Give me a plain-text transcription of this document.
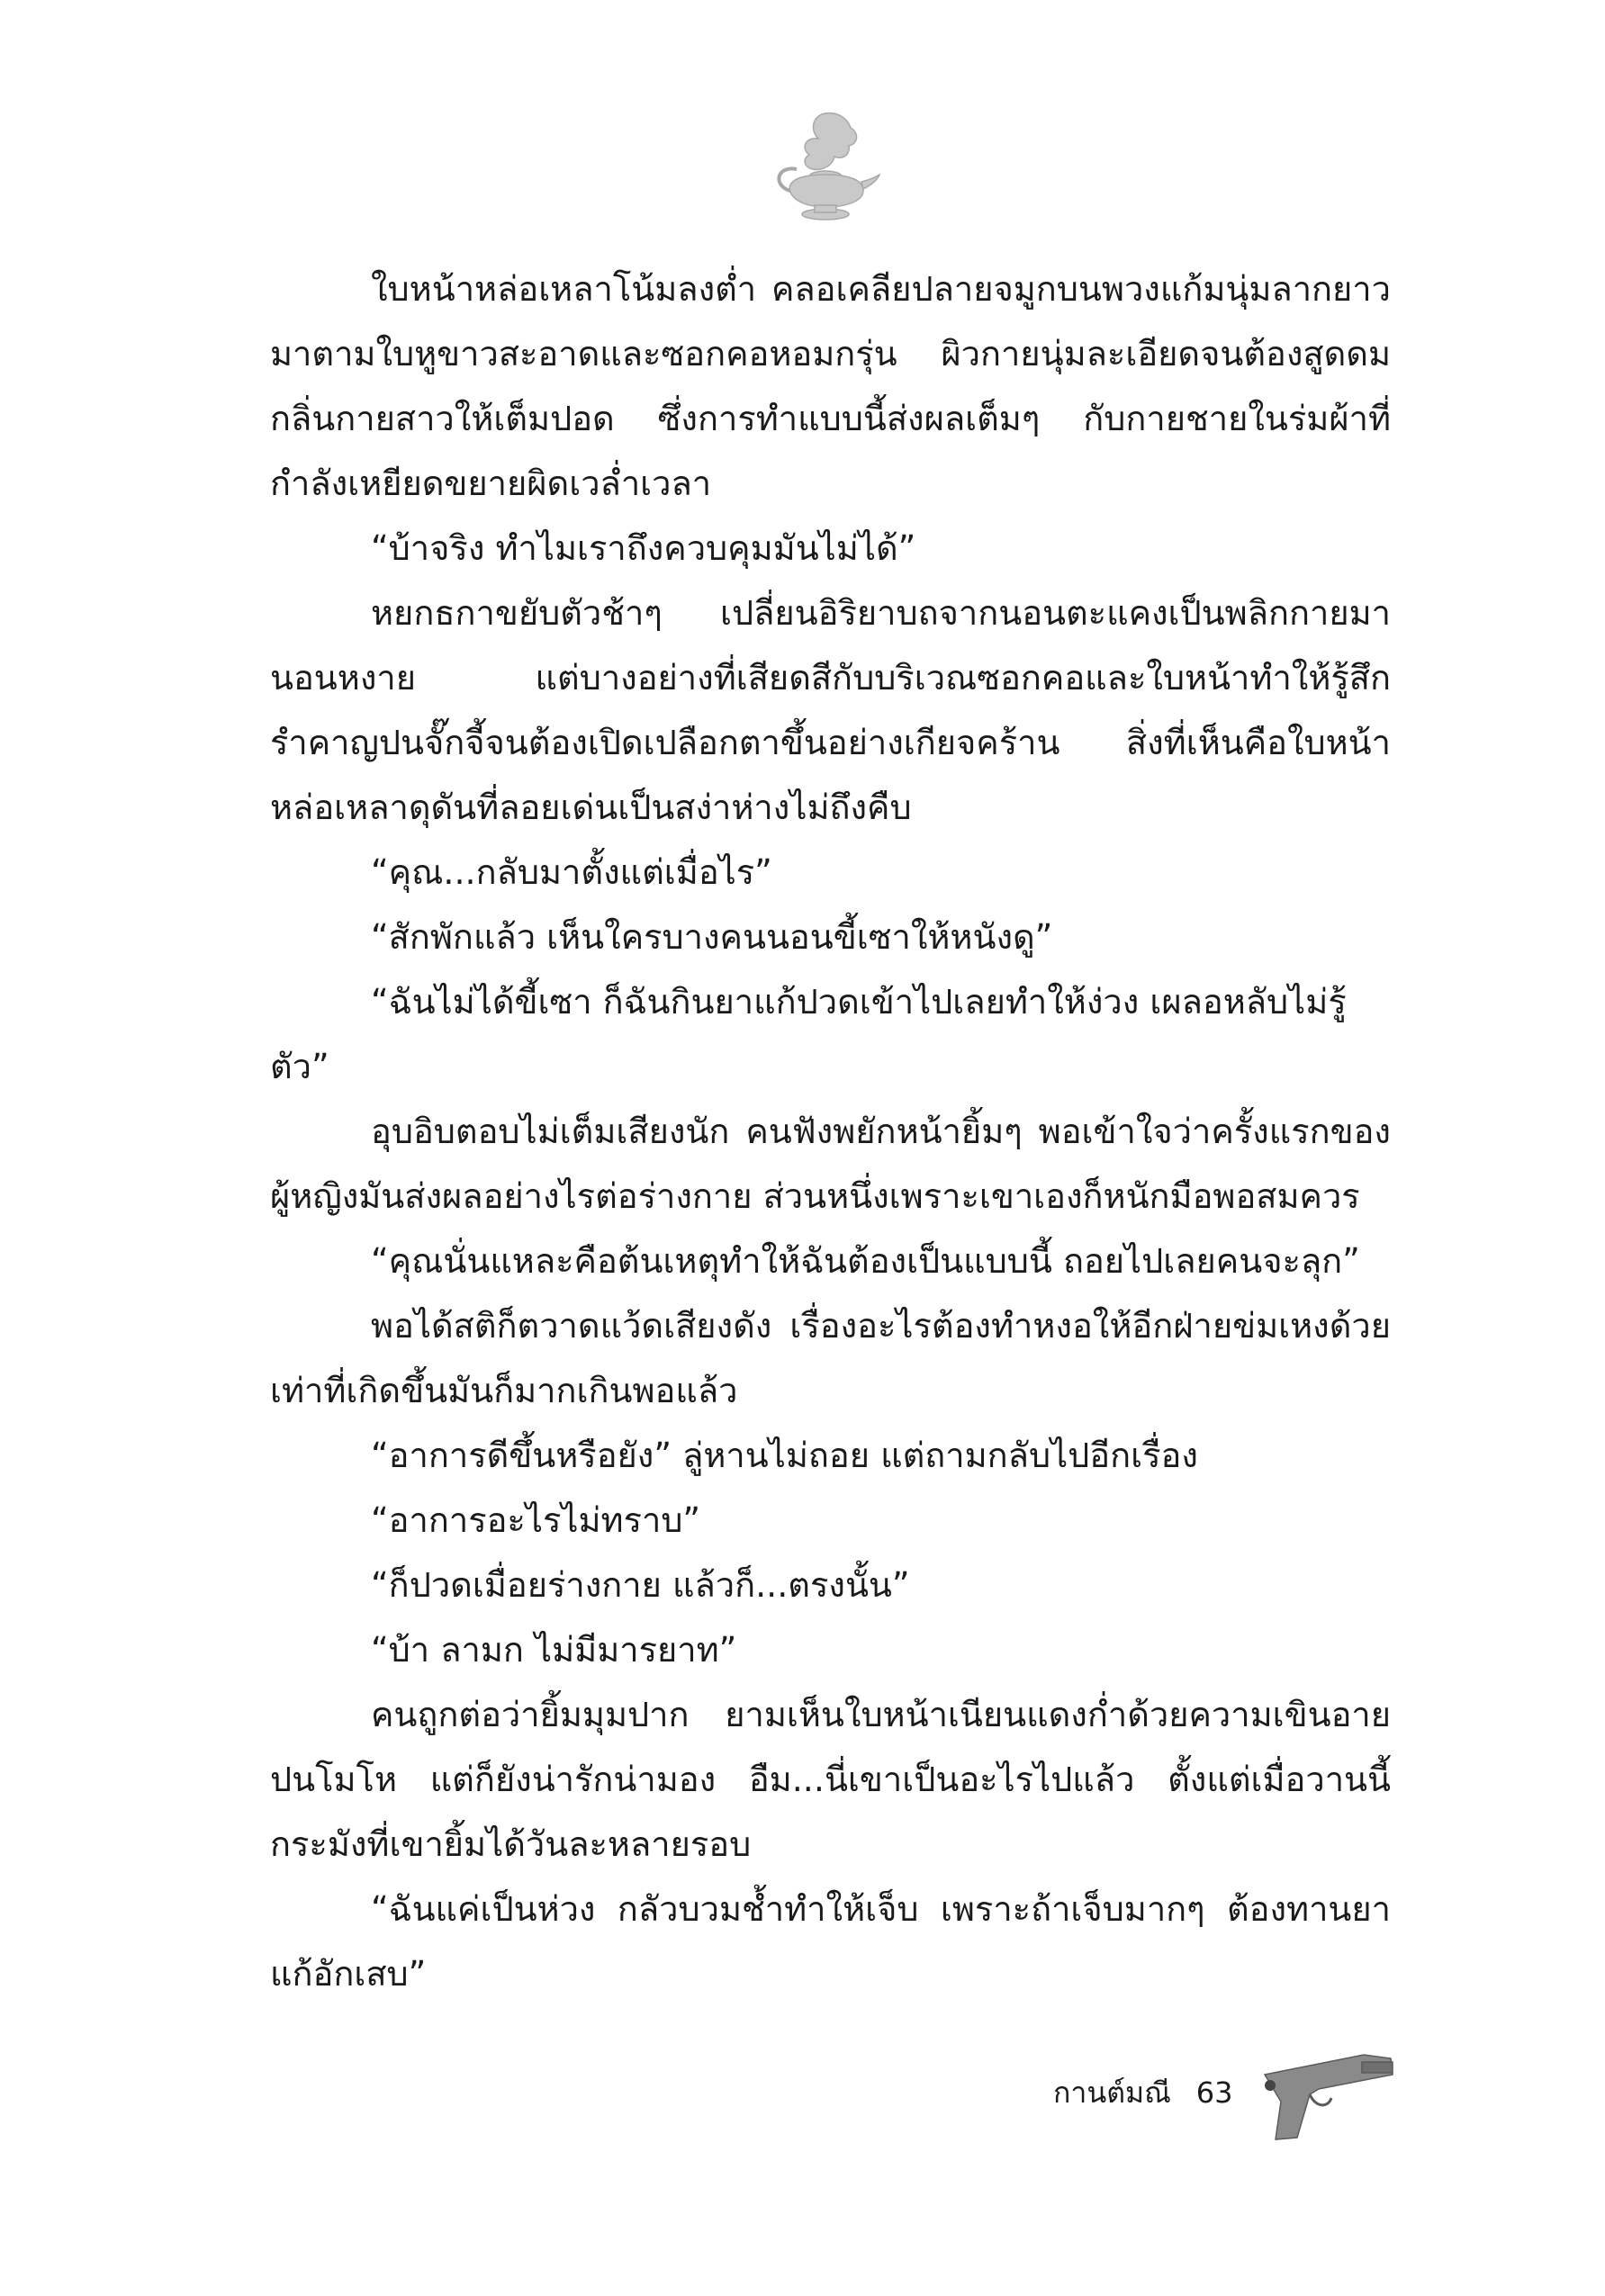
ใบหน้าหล่อเหลาโน้มลงต่ำ คลอเคลียปลายจมูกบนพวงแก้มนุ่มลากยาวมาตามใบหูขาวสะอาดและซอกคอหอมกรุ่น ผิวกายนุ่มละเอียดจนต้องสูดดมกลิ่นกายสาวให้เต็มปอด ซึ่งการทำแบบนี้ส่งผลเต็มๆ กับกายชายในร่มผ้าที่กำลังเหยียดขยายผิดเวล่ำเวลา

“บ้าจริง ทำไมเราถึงควบคุมมันไม่ได้”

หยกธกาขยับตัวช้าๆ เปลี่ยนอิริยาบถจากนอนตะแคงเป็นพลิกกายมานอนหงาย แต่บางอย่างที่เสียดสีกับบริเวณซอกคอและใบหน้าทำให้รู้สึกรำคาญปนจั๊กจี้จนต้องเปิดเปลือกตาขึ้นอย่างเกียจคร้าน สิ่งที่เห็นคือใบหน้าหล่อเหลาดุดันที่ลอยเด่นเป็นสง่าห่างไม่ถึงคืบ

“คุณ...กลับมาตั้งแต่เมื่อไร”

“สักพักแล้ว เห็นใครบางคนนอนขี้เซาให้หนังดู”

“ฉันไม่ได้ขี้เซา ก็ฉันกินยาแก้ปวดเข้าไปเลยทำให้ง่วง เผลอหลับไม่รู้ตัว”

อุบอิบตอบไม่เต็มเสียงนัก คนฟังพยักหน้ายิ้มๆ พอเข้าใจว่าครั้งแรกของผู้หญิงมันส่งผลอย่างไรต่อร่างกาย ส่วนหนึ่งเพราะเขาเองก็หนักมือพอสมควร

“คุณนั่นแหละคือต้นเหตุทำให้ฉันต้องเป็นแบบนี้ ถอยไปเลยคนจะลุก”

พอได้สติก็ตวาดแว้ดเสียงดัง เรื่องอะไรต้องทำหงอให้อีกฝ่ายข่มเหงด้วยเท่าที่เกิดขึ้นมันก็มากเกินพอแล้ว

“อาการดีขึ้นหรือยัง” ลู่หานไม่ถอย แต่ถามกลับไปอีกเรื่อง

“อาการอะไรไม่ทราบ”

“ก็ปวดเมื่อยร่างกาย แล้วก็...ตรงนั้น”

“บ้า ลามก ไม่มีมารยาท”

คนถูกต่อว่ายิ้มมุมปาก ยามเห็นใบหน้าเนียนแดงก่ำด้วยความเขินอายปนโมโห แต่ก็ยังน่ารักน่ามอง อืม...นี่เขาเป็นอะไรไปแล้ว ตั้งแต่เมื่อวานนี้กระมังที่เขายิ้มได้วันละหลายรอบ

“ฉันแค่เป็นห่วง กลัวบวมช้ำทำให้เจ็บ เพราะถ้าเจ็บมากๆ ต้องทานยาแก้อักเสบ”

กานต์มณี 63
